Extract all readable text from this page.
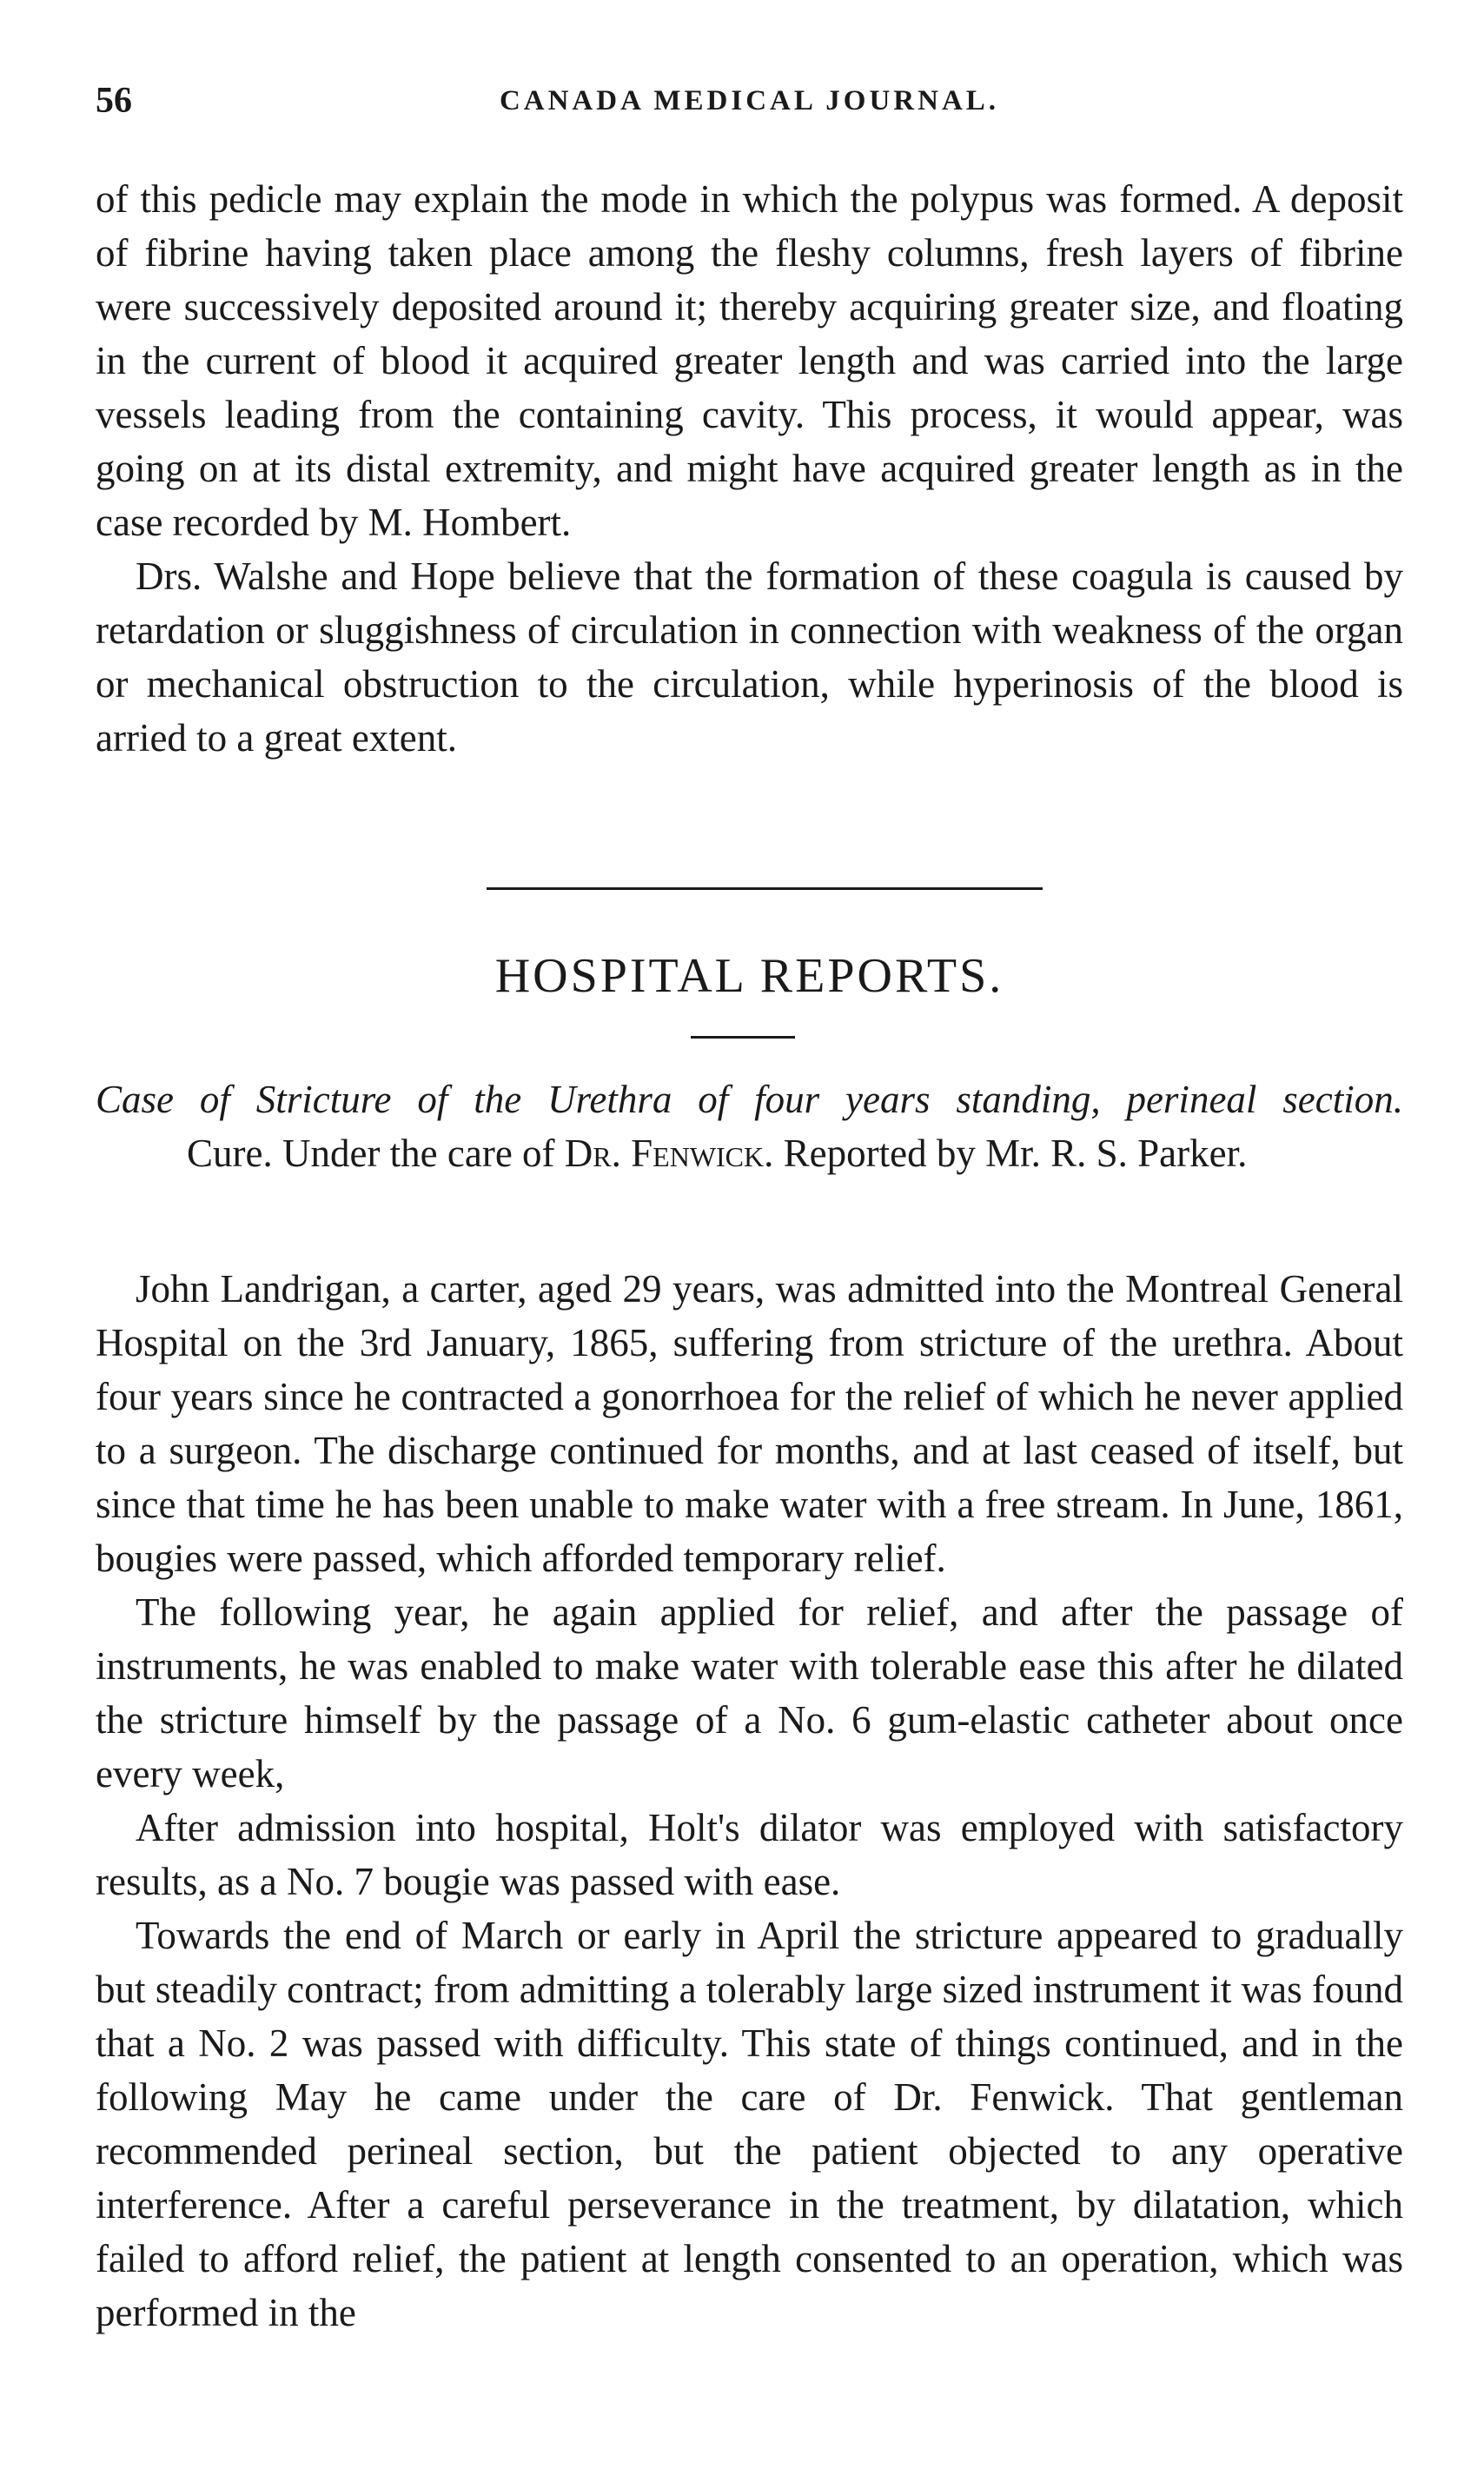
56	CANADA MEDICAL JOURNAL.

of this pedicle may explain the mode in which the polypus was formed. A deposit of fibrine having taken place among the fleshy columns, fresh layers of fibrine were successively deposited around it; thereby acquiring greater size, and floating in the current of blood it acquired greater length and was carried into the large vessels leading from the containing cavity. This process, it would appear, was going on at its distal extremity, and might have acquired greater length as in the case recorded by M. Hombert.

Drs. Walshe and Hope believe that the formation of these coagula is caused by retardation or sluggishness of circulation in connection with weakness of the organ or mechanical obstruction to the circulation, while hyperinosis of the blood is arried to a great extent.

HOSPITAL REPORTS.
Case of Stricture of the Urethra of four years standing, perineal section.
Cure. Under the care of Dr. Fenwick. Reported by Mr. R. S. Parker.

John Landrigan, a carter, aged 29 years, was admitted into the Montreal General Hospital on the 3rd January, 1865, suffering from stricture of the urethra. About four years since he contracted a gonorrhoea for the relief of which he never applied to a surgeon. The discharge continued for months, and at last ceased of itself, but since that time he has been unable to make water with a free stream. In June, 1861, bougies were passed, which afforded temporary relief.

The following year, he again applied for relief, and after the passage of instruments, he was enabled to make water with tolerable ease this after he dilated the stricture himself by the passage of a No. 6 gum-elastic catheter about once every week,

After admission into hospital, Holt's dilator was employed with satisfactory results, as a No. 7 bougie was passed with ease.

Towards the end of March or early in April the stricture appeared to gradually but steadily contract; from admitting a tolerably large sized instrument it was found that a No. 2 was passed with difficulty. This state of things continued, and in the following May he came under the care of Dr. Fenwick. That gentleman recommended perineal section, but the patient objected to any operative interference. After a careful perseverance in the treatment, by dilatation, which failed to afford relief, the patient at length consented to an operation, which was performed in the
